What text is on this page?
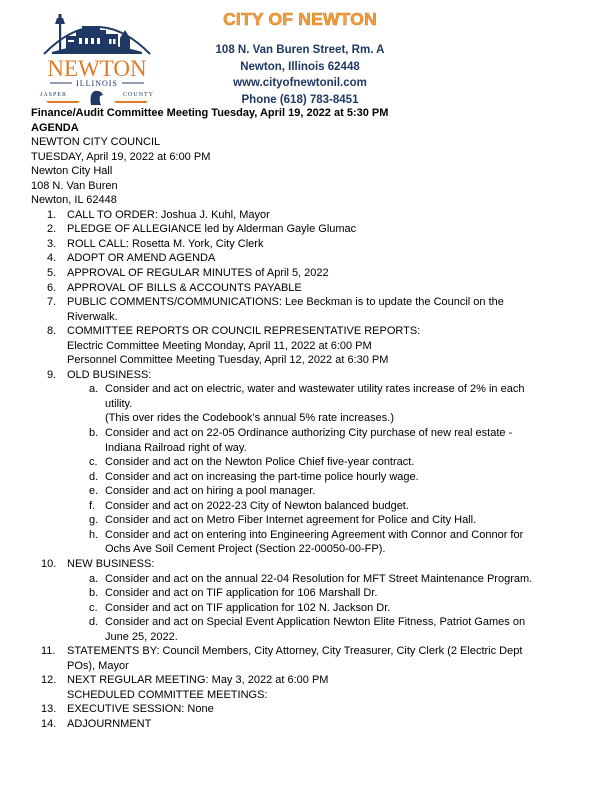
NEWTON
ILLINOIS
JASPER	COUNTY
CITY OF NEWTON
108 N. Van Buren Street, Rm. A
Newton, Illinois 62448
www.cityofnewtonil.com
Phone (618) 783-8451
Finance/Audit Committee Meeting Tuesday, April 19, 2022 at 5:30 PM
AGENDA
NEWTON CITY COUNCIL
TUESDAY, April 19, 2022 at 6:00 PM
Newton City Hall
108 N. Van Buren
Newton, IL 62448
1. CALL TO ORDER: Joshua J. Kuhl, Mayor
2. PLEDGE OF ALLEGIANCE led by Alderman Gayle Glumac
3. ROLL CALL: Rosetta M. York, City Clerk
4. ADOPT OR AMEND AGENDA
5. APPROVAL OF REGULAR MINUTES of April 5, 2022
6. APPROVAL OF BILLS & ACCOUNTS PAYABLE
7. PUBLIC COMMENTS/COMMUNICATIONS: Lee Beckman is to update the Council on the
Riverwalk.
8. COMMITTEE REPORTS OR COUNCIL REPRESENTATIVE REPORTS:
Electric Committee Meeting Monday, April 11, 2022 at 6:00 PM
Personnel Committee Meeting Tuesday, April 12, 2022 at 6:30 PM
9. OLD BUSINESS:
a. Consider and act on electric, water and wastewater utility rates increase of 2% in each
utility.
(This over rides the Codebook’s annual 5% rate increases.)
b. Consider and act on 22-05 Ordinance authorizing City purchase of new real estate -
Indiana Railroad right of way.
c. Consider and act on the Newton Police Chief five-year contract.
d. Consider and act on increasing the part-time police hourly wage.
e. Consider and act on hiring a pool manager.
f. Consider and act on 2022-23 City of Newton balanced budget.
g. Consider and act on Metro Fiber Internet agreement for Police and City Hall.
h. Consider and act on entering into Engineering Agreement with Connor and Connor for
Ochs Ave Soil Cement Project (Section 22-00050-00-FP).
10. NEW BUSINESS:
a. Consider and act on the annual 22-04 Resolution for MFT Street Maintenance Program.
b. Consider and act on TIF application for 106 Marshall Dr.
c. Consider and act on TIF application for 102 N. Jackson Dr.
d. Consider and act on Special Event Application Newton Elite Fitness, Patriot Games on
June 25, 2022.
11. STATEMENTS BY: Council Members, City Attorney, City Treasurer, City Clerk (2 Electric Dept
POs), Mayor
12. NEXT REGULAR MEETING: May 3, 2022 at 6:00 PM
SCHEDULED COMMITTEE MEETINGS:
13. EXECUTIVE SESSION: None
14. ADJOURNMENT
